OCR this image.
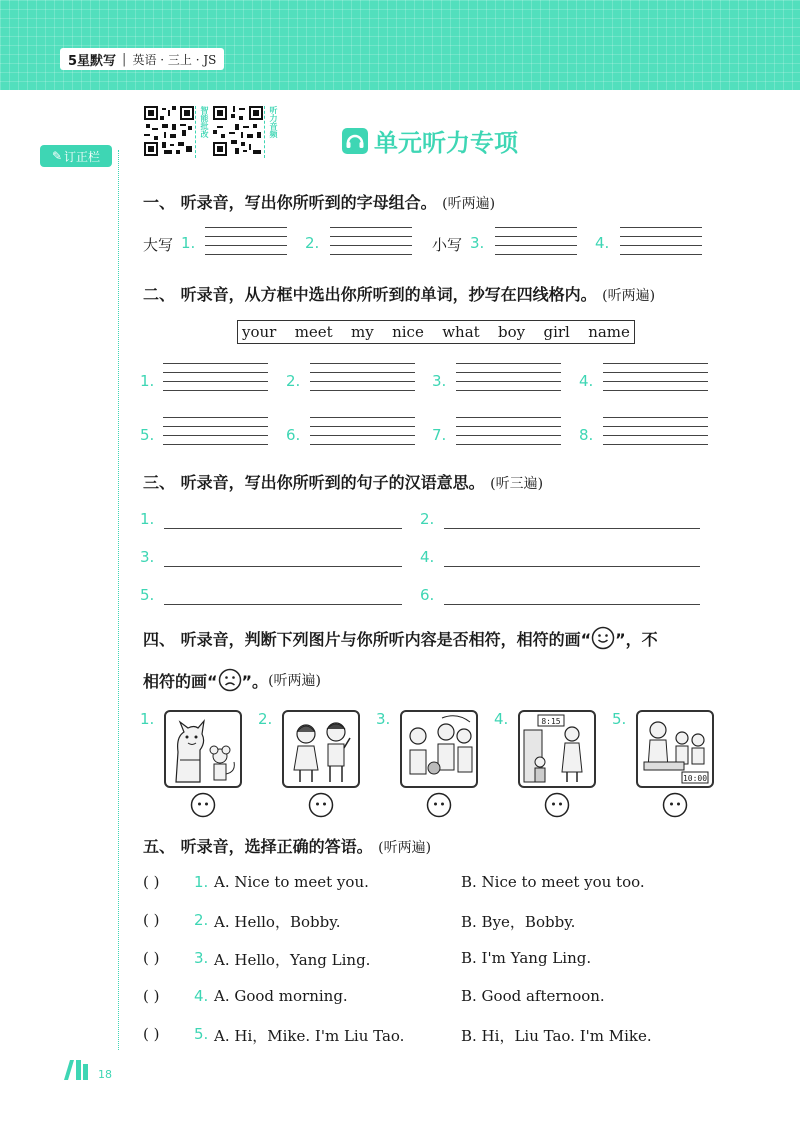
5星默写 | 英语 · 三上 · JS
✎ 订正栏
智能批改	听力音频
单元听力专项
一、 听录音，写出你所听到的字母组合。 (听两遍)
大写 1.	2.	小写 3.	4.
二、 听录音，从方框中选出你所听到的单词，抄写在四线格内。 (听两遍)
your meet my nice what boy girl name
1.	2.	3.	4.
5.	6.	7.	8.
三、 听录音，写出你所听到的句子的汉语意思。 (听三遍)
1.	2.
3.	4.
5.	6.
四、 听录音，判断下列图片与你所听内容是否相符，相符的画“ ”，不
相符的画“ ”。 (听两遍)
1.	2.	3.	4.	8:15	5.
10:00
五、 听录音，选择正确的答语。 (听两遍)
( ) 1. A. Nice to meet you.	B. Nice to meet you too.
( ) 2. A. Hello，Bobby.	B. Bye，Bobby.
( ) 3. A. Hello，Yang Ling.	B. I'm Yang Ling.
( ) 4. A. Good morning.	B. Good afternoon.
( ) 5. A. Hi，Mike. I'm Liu Tao.	B. Hi，Liu Tao. I'm Mike.
18
